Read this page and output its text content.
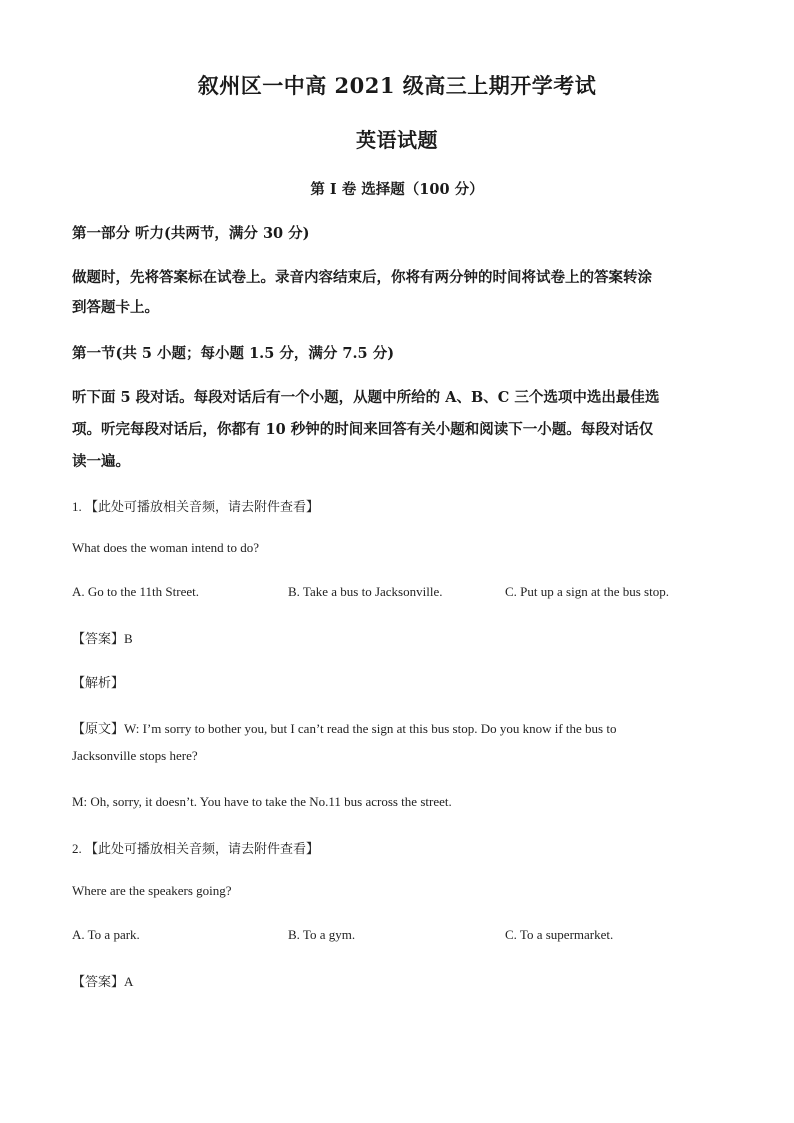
叙州区一中高 2021 级高三上期开学考试
英语试题
第 I 卷 选择题（100 分）
第一部分 听力(共两节，满分 30 分)
做题时，先将答案标在试卷上。录音内容结束后，你将有两分钟的时间将试卷上的答案转涂
到答题卡上。
第一节(共 5 小题；每小题 1.5 分，满分 7.5 分)
听下面 5 段对话。每段对话后有一个小题，从题中所给的 A、B、C 三个选项中选出最佳选
项。听完每段对话后，你都有 10 秒钟的时间来回答有关小题和阅读下一小题。每段对话仅
读一遍。
1. 【此处可播放相关音频，请去附件查看】
What does the woman intend to do?
A. Go to the 11th Street.	B. Take a bus to Jacksonville.	C. Put up a sign at the bus stop.
【答案】B
【解析】
【原文】W: I’m sorry to bother you, but I can’t read the sign at this bus stop. Do you know if the bus to
Jacksonville stops here?
M: Oh, sorry, it doesn’t. You have to take the No.11 bus across the street.
2. 【此处可播放相关音频，请去附件查看】
Where are the speakers going?
A. To a park.	B. To a gym.	C. To a supermarket.
【答案】A
